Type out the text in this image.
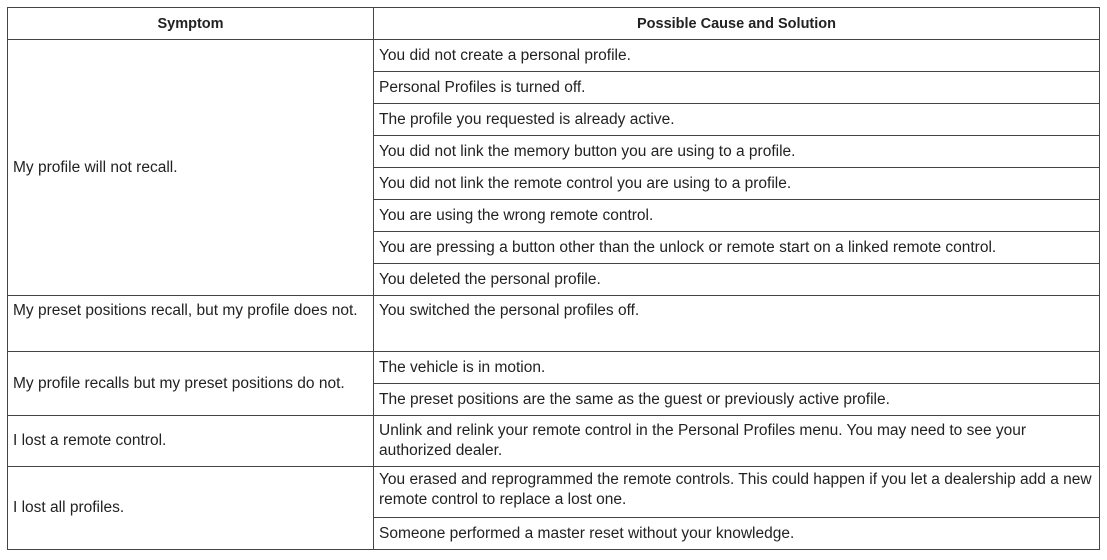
Symptom	Possible Cause and Solution
My profile will not recall.	You did not create a personal profile.
	Personal Profiles is turned off.
	The profile you requested is already active.
	You did not link the memory button you are using to a profile.
	You did not link the remote control you are using to a profile.
	You are using the wrong remote control.
	You are pressing a button other than the unlock or remote start on a linked remote control.
	You deleted the personal profile.
My preset positions recall, but my profile does not.	You switched the personal profiles off.
My profile recalls but my preset positions do not.	The vehicle is in motion.
	The preset positions are the same as the guest or previously active profile.
I lost a remote control.	Unlink and relink your remote control in the Personal Profiles menu. You may need to see your authorized dealer.
I lost all profiles.	You erased and reprogrammed the remote controls. This could happen if you let a dealership add a new remote control to replace a lost one.
	Someone performed a master reset without your knowledge.
